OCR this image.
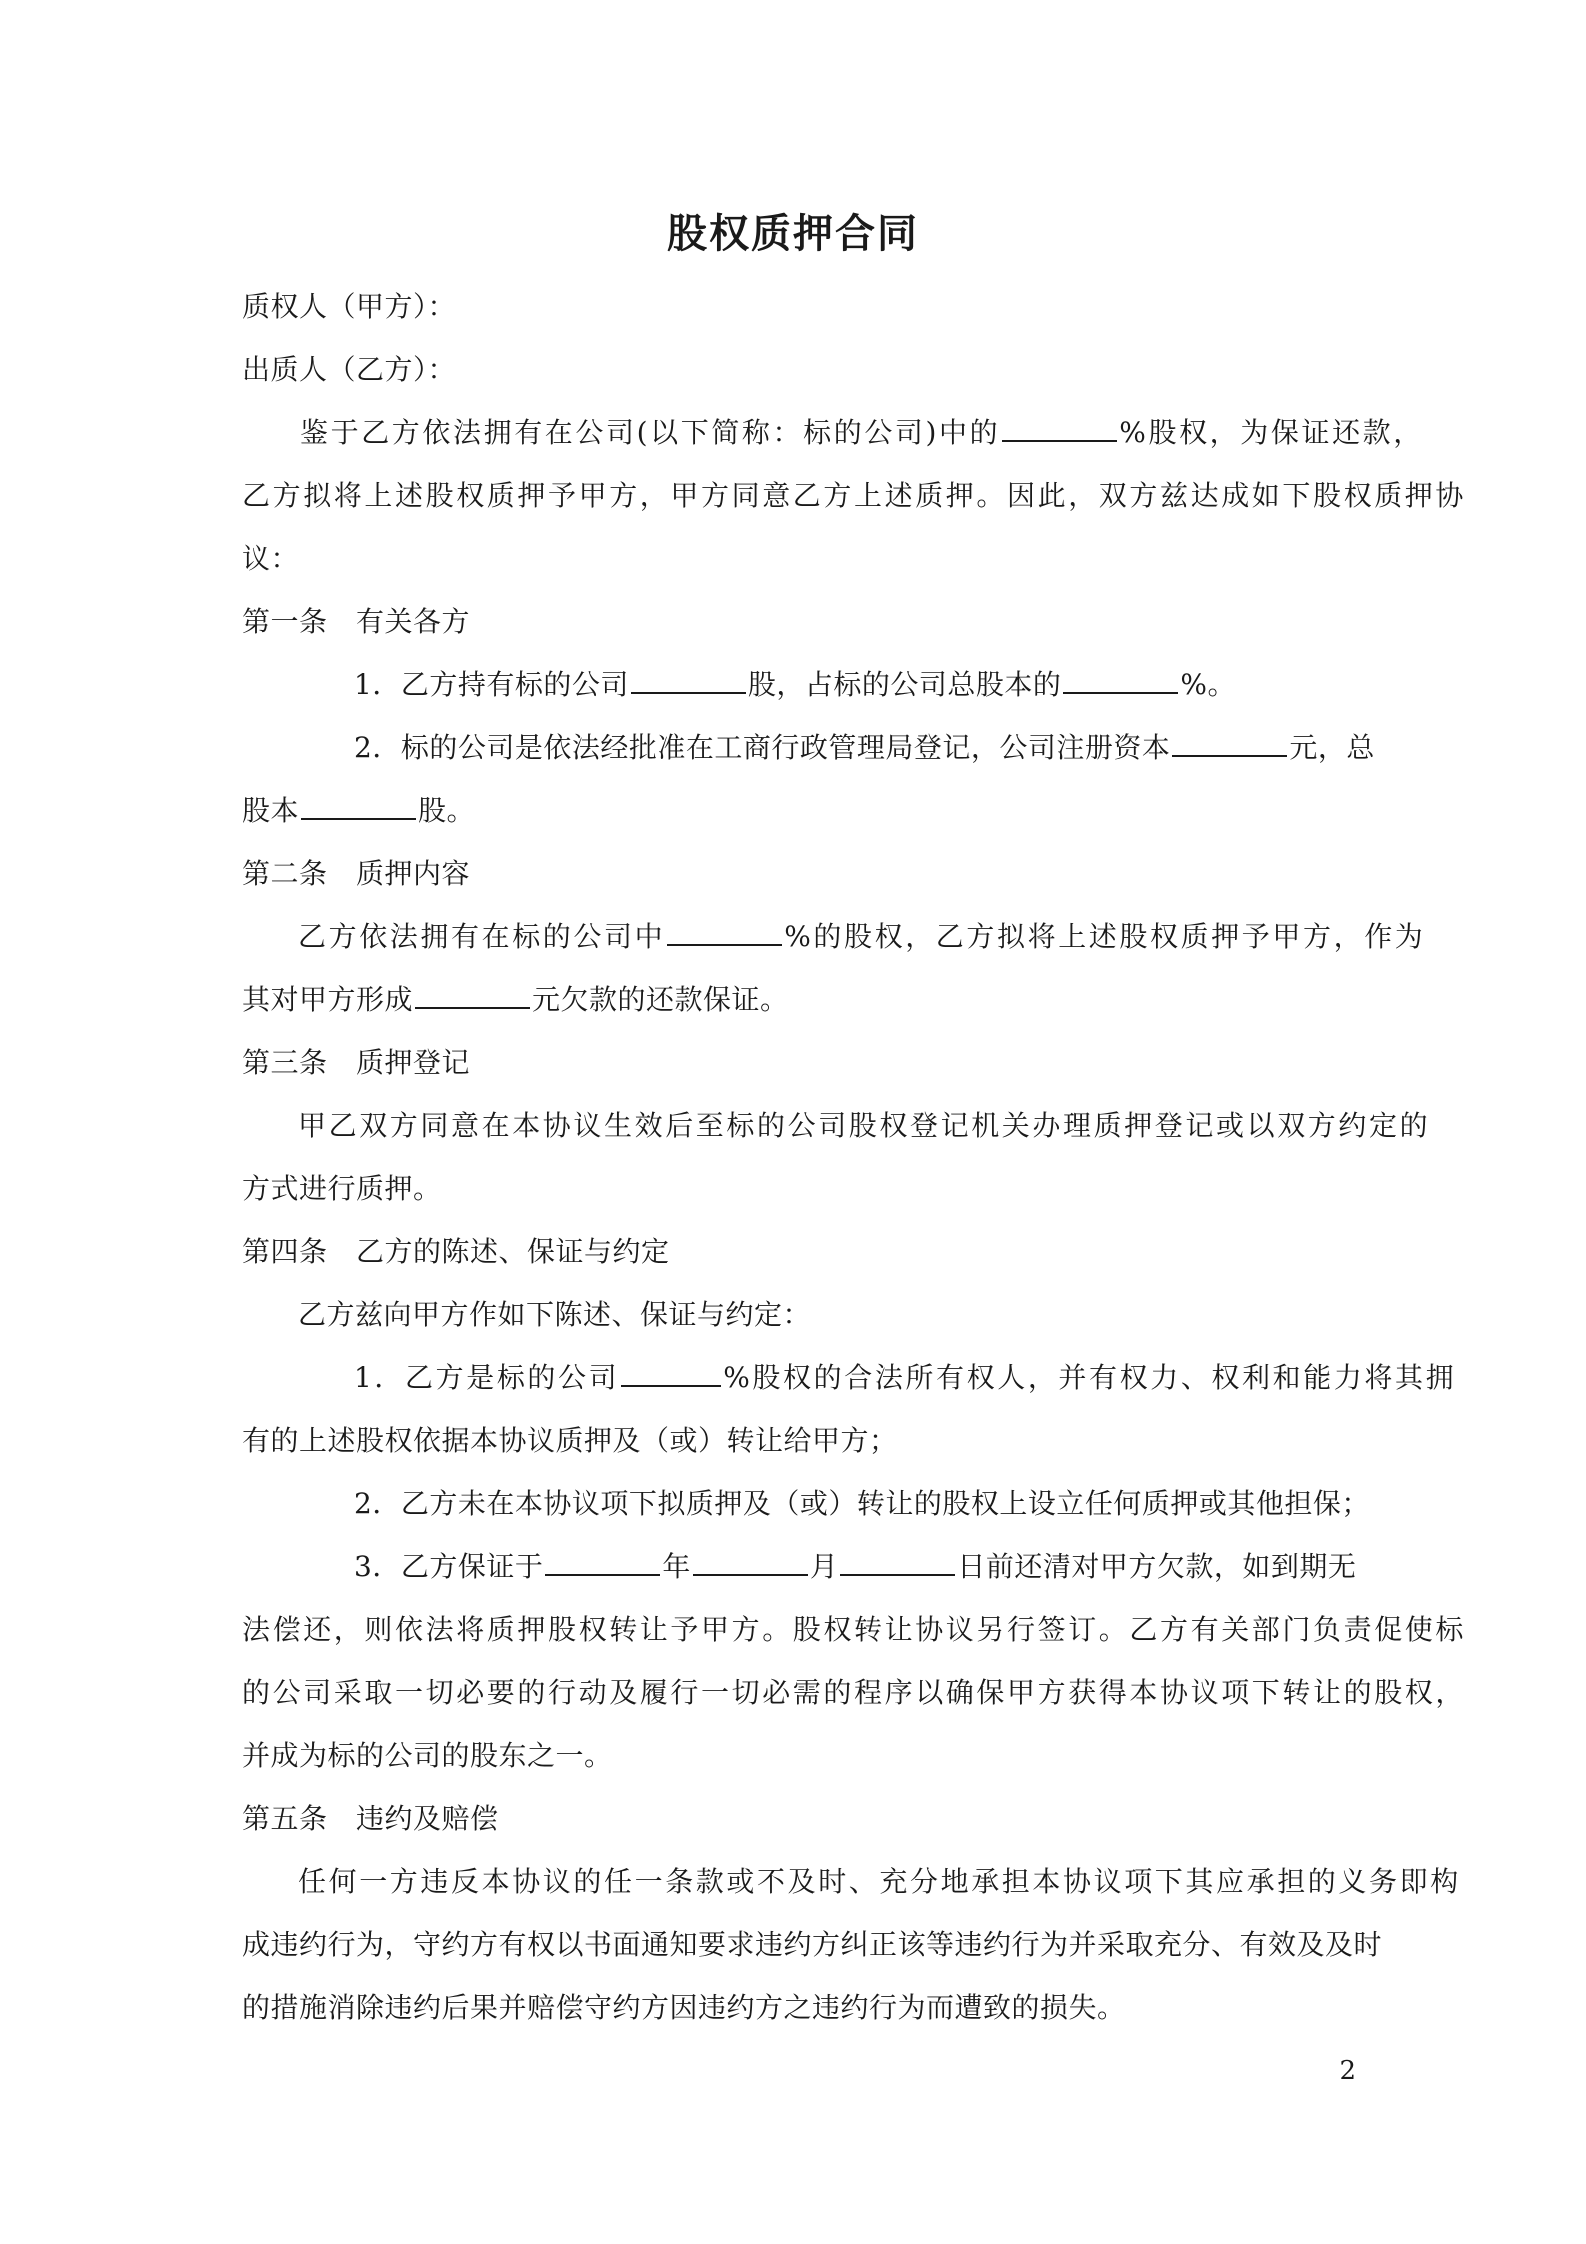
股权质押合同
质权人（甲方）：
出质人（乙方）：
鉴于乙方依法拥有在公司(以下简称：标的公司)中的	%股权，为保证还款，
乙方拟将上述股权质押予甲方，甲方同意乙方上述质押。因此，双方兹达成如下股权质押协
议：
第一条　有关各方
1．乙方持有标的公司	股，占标的公司总股本的	%。
2．标的公司是依法经批准在工商行政管理局登记，公司注册资本	元，总
股本	股。
第二条　质押内容
乙方依法拥有在标的公司中	%的股权，乙方拟将上述股权质押予甲方，作为
其对甲方形成	元欠款的还款保证。
第三条　质押登记
甲乙双方同意在本协议生效后至标的公司股权登记机关办理质押登记或以双方约定的
方式进行质押。
第四条　乙方的陈述、保证与约定
乙方兹向甲方作如下陈述、保证与约定：
1．乙方是标的公司	%股权的合法所有权人，并有权力、权利和能力将其拥
有的上述股权依据本协议质押及（或）转让给甲方；
2．乙方未在本协议项下拟质押及（或）转让的股权上设立任何质押或其他担保；
3．乙方保证于	年	月	日前还清对甲方欠款，如到期无
法偿还，则依法将质押股权转让予甲方。股权转让协议另行签订。乙方有关部门负责促使标
的公司采取一切必要的行动及履行一切必需的程序以确保甲方获得本协议项下转让的股权，
并成为标的公司的股东之一。
第五条　违约及赔偿
任何一方违反本协议的任一条款或不及时、充分地承担本协议项下其应承担的义务即构
成违约行为，守约方有权以书面通知要求违约方纠正该等违约行为并采取充分、有效及及时
的措施消除违约后果并赔偿守约方因违约方之违约行为而遭致的损失。
2
